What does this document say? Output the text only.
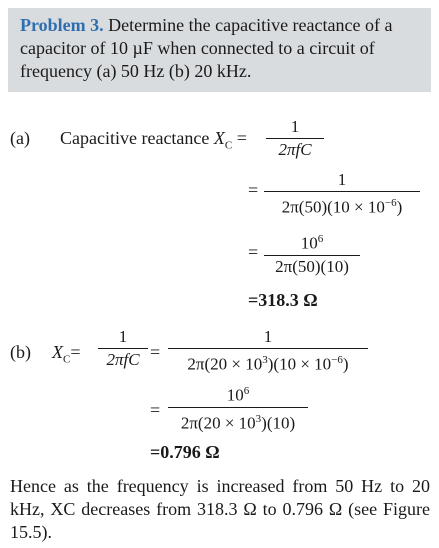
Problem 3. Determine the capacitive reactance of a capacitor of 10 µF when connected to a circuit of frequency (a) 50 Hz (b) 20 kHz.
(a) Capacitive reactance $X_C$ =
1
2πfC
=
1
$2\pi(50)(10 \times 10^{-6})$
=	$10^6$
2π(50)(10)
=318.3 Ω
(b) $X_C=$
1
2πfC =
1
$2\pi(20 \times 10^3)(10 \times 10^{-6})$
=
$10^6$
$2\pi(20 \times 10^3)(10)$
=0.796 Ω
Hence as the frequency is increased from 50 Hz to 20 kHz, XC decreases from 318.3 Ω to 0.796 Ω (see Figure 15.5).
